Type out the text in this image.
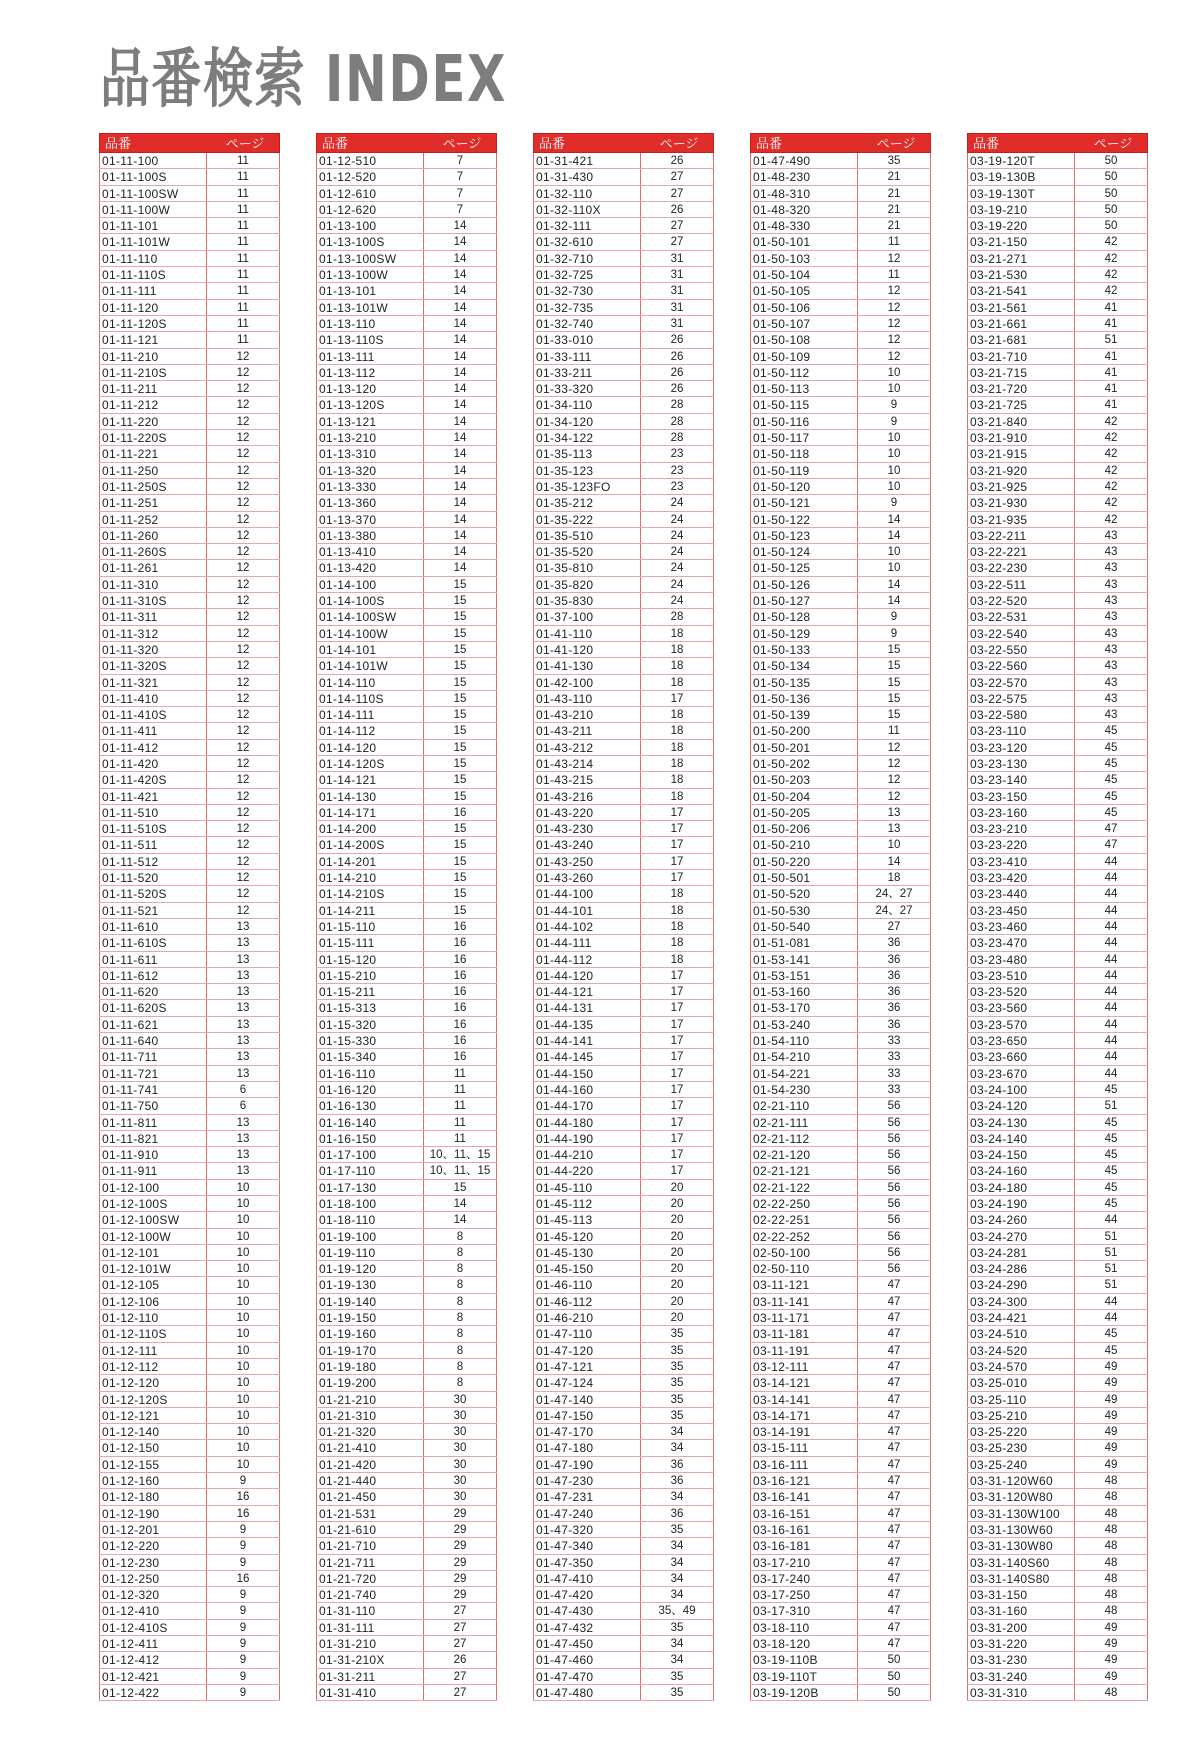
品番検索 INDEX
品番	ページ
01-11-100	11
01-11-100S	11
01-11-100SW	11
01-11-100W	11
01-11-101	11
01-11-101W	11
01-11-110	11
01-11-110S	11
01-11-111	11
01-11-120	11
01-11-120S	11
01-11-121	11
01-11-210	12
01-11-210S	12
01-11-211	12
01-11-212	12
01-11-220	12
01-11-220S	12
01-11-221	12
01-11-250	12
01-11-250S	12
01-11-251	12
01-11-252	12
01-11-260	12
01-11-260S	12
01-11-261	12
01-11-310	12
01-11-310S	12
01-11-311	12
01-11-312	12
01-11-320	12
01-11-320S	12
01-11-321	12
01-11-410	12
01-11-410S	12
01-11-411	12
01-11-412	12
01-11-420	12
01-11-420S	12
01-11-421	12
01-11-510	12
01-11-510S	12
01-11-511	12
01-11-512	12
01-11-520	12
01-11-520S	12
01-11-521	12
01-11-610	13
01-11-610S	13
01-11-611	13
01-11-612	13
01-11-620	13
01-11-620S	13
01-11-621	13
01-11-640	13
01-11-711	13
01-11-721	13
01-11-741	6
01-11-750	6
01-11-811	13
01-11-821	13
01-11-910	13
01-11-911	13
01-12-100	10
01-12-100S	10
01-12-100SW	10
01-12-100W	10
01-12-101	10
01-12-101W	10
01-12-105	10
01-12-106	10
01-12-110	10
01-12-110S	10
01-12-111	10
01-12-112	10
01-12-120	10
01-12-120S	10
01-12-121	10
01-12-140	10
01-12-150	10
01-12-155	10
01-12-160	9
01-12-180	16
01-12-190	16
01-12-201	9
01-12-220	9
01-12-230	9
01-12-250	16
01-12-320	9
01-12-410	9
01-12-410S	9
01-12-411	9
01-12-412	9
01-12-421	9
01-12-422	9
品番	ページ
01-12-510	7
01-12-520	7
01-12-610	7
01-12-620	7
01-13-100	14
01-13-100S	14
01-13-100SW	14
01-13-100W	14
01-13-101	14
01-13-101W	14
01-13-110	14
01-13-110S	14
01-13-111	14
01-13-112	14
01-13-120	14
01-13-120S	14
01-13-121	14
01-13-210	14
01-13-310	14
01-13-320	14
01-13-330	14
01-13-360	14
01-13-370	14
01-13-380	14
01-13-410	14
01-13-420	14
01-14-100	15
01-14-100S	15
01-14-100SW	15
01-14-100W	15
01-14-101	15
01-14-101W	15
01-14-110	15
01-14-110S	15
01-14-111	15
01-14-112	15
01-14-120	15
01-14-120S	15
01-14-121	15
01-14-130	15
01-14-171	16
01-14-200	15
01-14-200S	15
01-14-201	15
01-14-210	15
01-14-210S	15
01-14-211	15
01-15-110	16
01-15-111	16
01-15-120	16
01-15-210	16
01-15-211	16
01-15-313	16
01-15-320	16
01-15-330	16
01-15-340	16
01-16-110	11
01-16-120	11
01-16-130	11
01-16-140	11
01-16-150	11
01-17-100	10、11、15
01-17-110	10、11、15
01-17-130	15
01-18-100	14
01-18-110	14
01-19-100	8
01-19-110	8
01-19-120	8
01-19-130	8
01-19-140	8
01-19-150	8
01-19-160	8
01-19-170	8
01-19-180	8
01-19-200	8
01-21-210	30
01-21-310	30
01-21-320	30
01-21-410	30
01-21-420	30
01-21-440	30
01-21-450	30
01-21-531	29
01-21-610	29
01-21-710	29
01-21-711	29
01-21-720	29
01-21-740	29
01-31-110	27
01-31-111	27
01-31-210	27
01-31-210X	26
01-31-211	27
01-31-410	27
品番	ページ
01-31-421	26
01-31-430	27
01-32-110	27
01-32-110X	26
01-32-111	27
01-32-610	27
01-32-710	31
01-32-725	31
01-32-730	31
01-32-735	31
01-32-740	31
01-33-010	26
01-33-111	26
01-33-211	26
01-33-320	26
01-34-110	28
01-34-120	28
01-34-122	28
01-35-113	23
01-35-123	23
01-35-123FO	23
01-35-212	24
01-35-222	24
01-35-510	24
01-35-520	24
01-35-810	24
01-35-820	24
01-35-830	24
01-37-100	28
01-41-110	18
01-41-120	18
01-41-130	18
01-42-100	18
01-43-110	17
01-43-210	18
01-43-211	18
01-43-212	18
01-43-214	18
01-43-215	18
01-43-216	18
01-43-220	17
01-43-230	17
01-43-240	17
01-43-250	17
01-43-260	17
01-44-100	18
01-44-101	18
01-44-102	18
01-44-111	18
01-44-112	18
01-44-120	17
01-44-121	17
01-44-131	17
01-44-135	17
01-44-141	17
01-44-145	17
01-44-150	17
01-44-160	17
01-44-170	17
01-44-180	17
01-44-190	17
01-44-210	17
01-44-220	17
01-45-110	20
01-45-112	20
01-45-113	20
01-45-120	20
01-45-130	20
01-45-150	20
01-46-110	20
01-46-112	20
01-46-210	20
01-47-110	35
01-47-120	35
01-47-121	35
01-47-124	35
01-47-140	35
01-47-150	35
01-47-170	34
01-47-180	34
01-47-190	36
01-47-230	36
01-47-231	34
01-47-240	36
01-47-320	35
01-47-340	34
01-47-350	34
01-47-410	34
01-47-420	34
01-47-430	35、49
01-47-432	35
01-47-450	34
01-47-460	34
01-47-470	35
01-47-480	35
品番	ページ
01-47-490	35
01-48-230	21
01-48-310	21
01-48-320	21
01-48-330	21
01-50-101	11
01-50-103	12
01-50-104	11
01-50-105	12
01-50-106	12
01-50-107	12
01-50-108	12
01-50-109	12
01-50-112	10
01-50-113	10
01-50-115	9
01-50-116	9
01-50-117	10
01-50-118	10
01-50-119	10
01-50-120	10
01-50-121	9
01-50-122	14
01-50-123	14
01-50-124	10
01-50-125	10
01-50-126	14
01-50-127	14
01-50-128	9
01-50-129	9
01-50-133	15
01-50-134	15
01-50-135	15
01-50-136	15
01-50-139	15
01-50-200	11
01-50-201	12
01-50-202	12
01-50-203	12
01-50-204	12
01-50-205	13
01-50-206	13
01-50-210	10
01-50-220	14
01-50-501	18
01-50-520	24、27
01-50-530	24、27
01-50-540	27
01-51-081	36
01-53-141	36
01-53-151	36
01-53-160	36
01-53-170	36
01-53-240	36
01-54-110	33
01-54-210	33
01-54-221	33
01-54-230	33
02-21-110	56
02-21-111	56
02-21-112	56
02-21-120	56
02-21-121	56
02-21-122	56
02-22-250	56
02-22-251	56
02-22-252	56
02-50-100	56
02-50-110	56
03-11-121	47
03-11-141	47
03-11-171	47
03-11-181	47
03-11-191	47
03-12-111	47
03-14-121	47
03-14-141	47
03-14-171	47
03-14-191	47
03-15-111	47
03-16-111	47
03-16-121	47
03-16-141	47
03-16-151	47
03-16-161	47
03-16-181	47
03-17-210	47
03-17-240	47
03-17-250	47
03-17-310	47
03-18-110	47
03-18-120	47
03-19-110B	50
03-19-110T	50
03-19-120B	50
品番	ページ
03-19-120T	50
03-19-130B	50
03-19-130T	50
03-19-210	50
03-19-220	50
03-21-150	42
03-21-271	42
03-21-530	42
03-21-541	42
03-21-561	41
03-21-661	41
03-21-681	51
03-21-710	41
03-21-715	41
03-21-720	41
03-21-725	41
03-21-840	42
03-21-910	42
03-21-915	42
03-21-920	42
03-21-925	42
03-21-930	42
03-21-935	42
03-22-211	43
03-22-221	43
03-22-230	43
03-22-511	43
03-22-520	43
03-22-531	43
03-22-540	43
03-22-550	43
03-22-560	43
03-22-570	43
03-22-575	43
03-22-580	43
03-23-110	45
03-23-120	45
03-23-130	45
03-23-140	45
03-23-150	45
03-23-160	45
03-23-210	47
03-23-220	47
03-23-410	44
03-23-420	44
03-23-440	44
03-23-450	44
03-23-460	44
03-23-470	44
03-23-480	44
03-23-510	44
03-23-520	44
03-23-560	44
03-23-570	44
03-23-650	44
03-23-660	44
03-23-670	44
03-24-100	45
03-24-120	51
03-24-130	45
03-24-140	45
03-24-150	45
03-24-160	45
03-24-180	45
03-24-190	45
03-24-260	44
03-24-270	51
03-24-281	51
03-24-286	51
03-24-290	51
03-24-300	44
03-24-421	44
03-24-510	45
03-24-520	45
03-24-570	49
03-25-010	49
03-25-110	49
03-25-210	49
03-25-220	49
03-25-230	49
03-25-240	49
03-31-120W60	48
03-31-120W80	48
03-31-130W100	48
03-31-130W60	48
03-31-130W80	48
03-31-140S60	48
03-31-140S80	48
03-31-150	48
03-31-160	48
03-31-200	49
03-31-220	49
03-31-230	49
03-31-240	49
03-31-310	48
